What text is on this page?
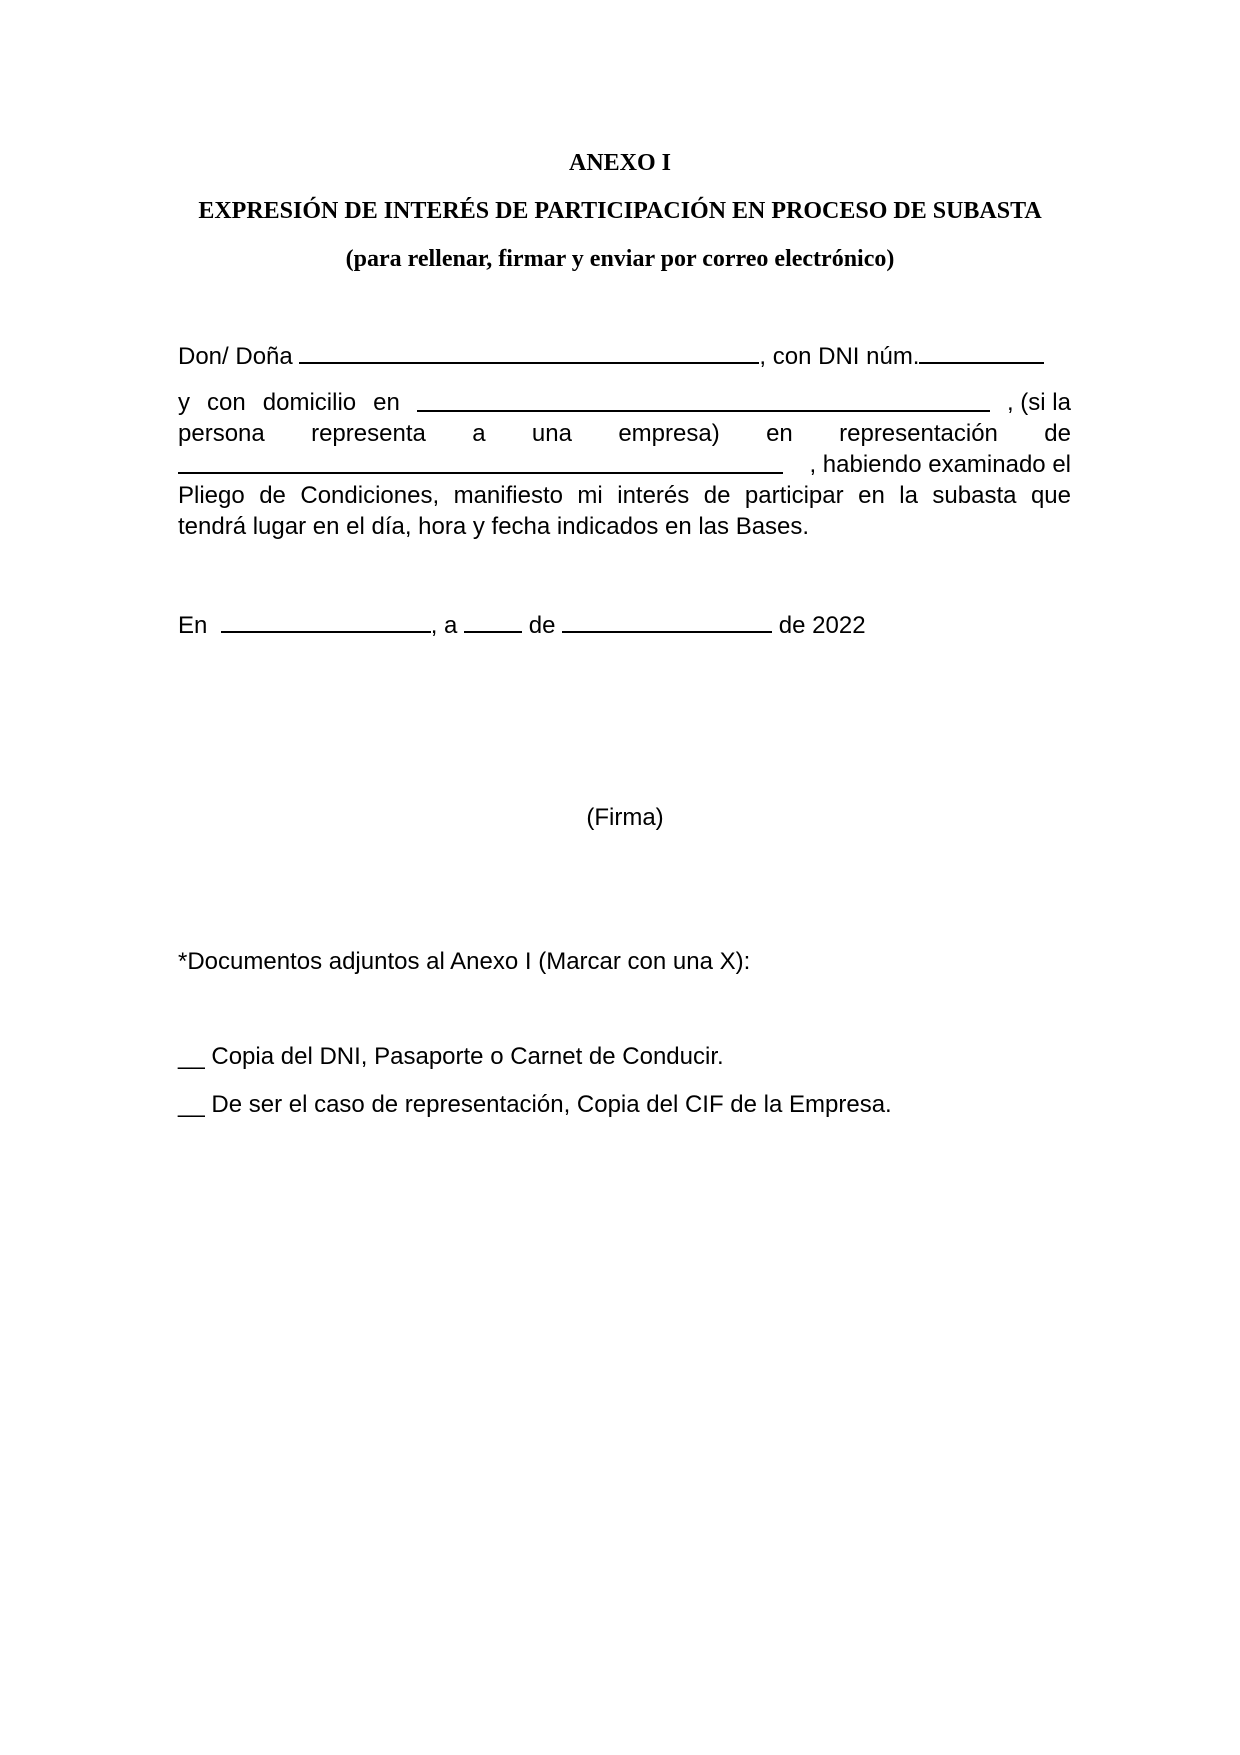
ANEXO I
EXPRESIÓN DE INTERÉS DE PARTICIPACIÓN EN PROCESO DE SUBASTA
(para rellenar, firmar y enviar por correo electrónico)
Don/ Doña	, con DNI núm.
y con domicilio en	, (si la
persona representa a una empresa) en representación de
, habiendo examinado el
Pliego de Condiciones, manifiesto mi interés de participar en la subasta que
tendrá lugar en el día, hora y fecha indicados en las Bases.
En	, a	de	de 2022
(Firma)
*Documentos adjuntos al Anexo I (Marcar con una X):
__ Copia del DNI, Pasaporte o Carnet de Conducir.
__ De ser el caso de representación, Copia del CIF de la Empresa.
